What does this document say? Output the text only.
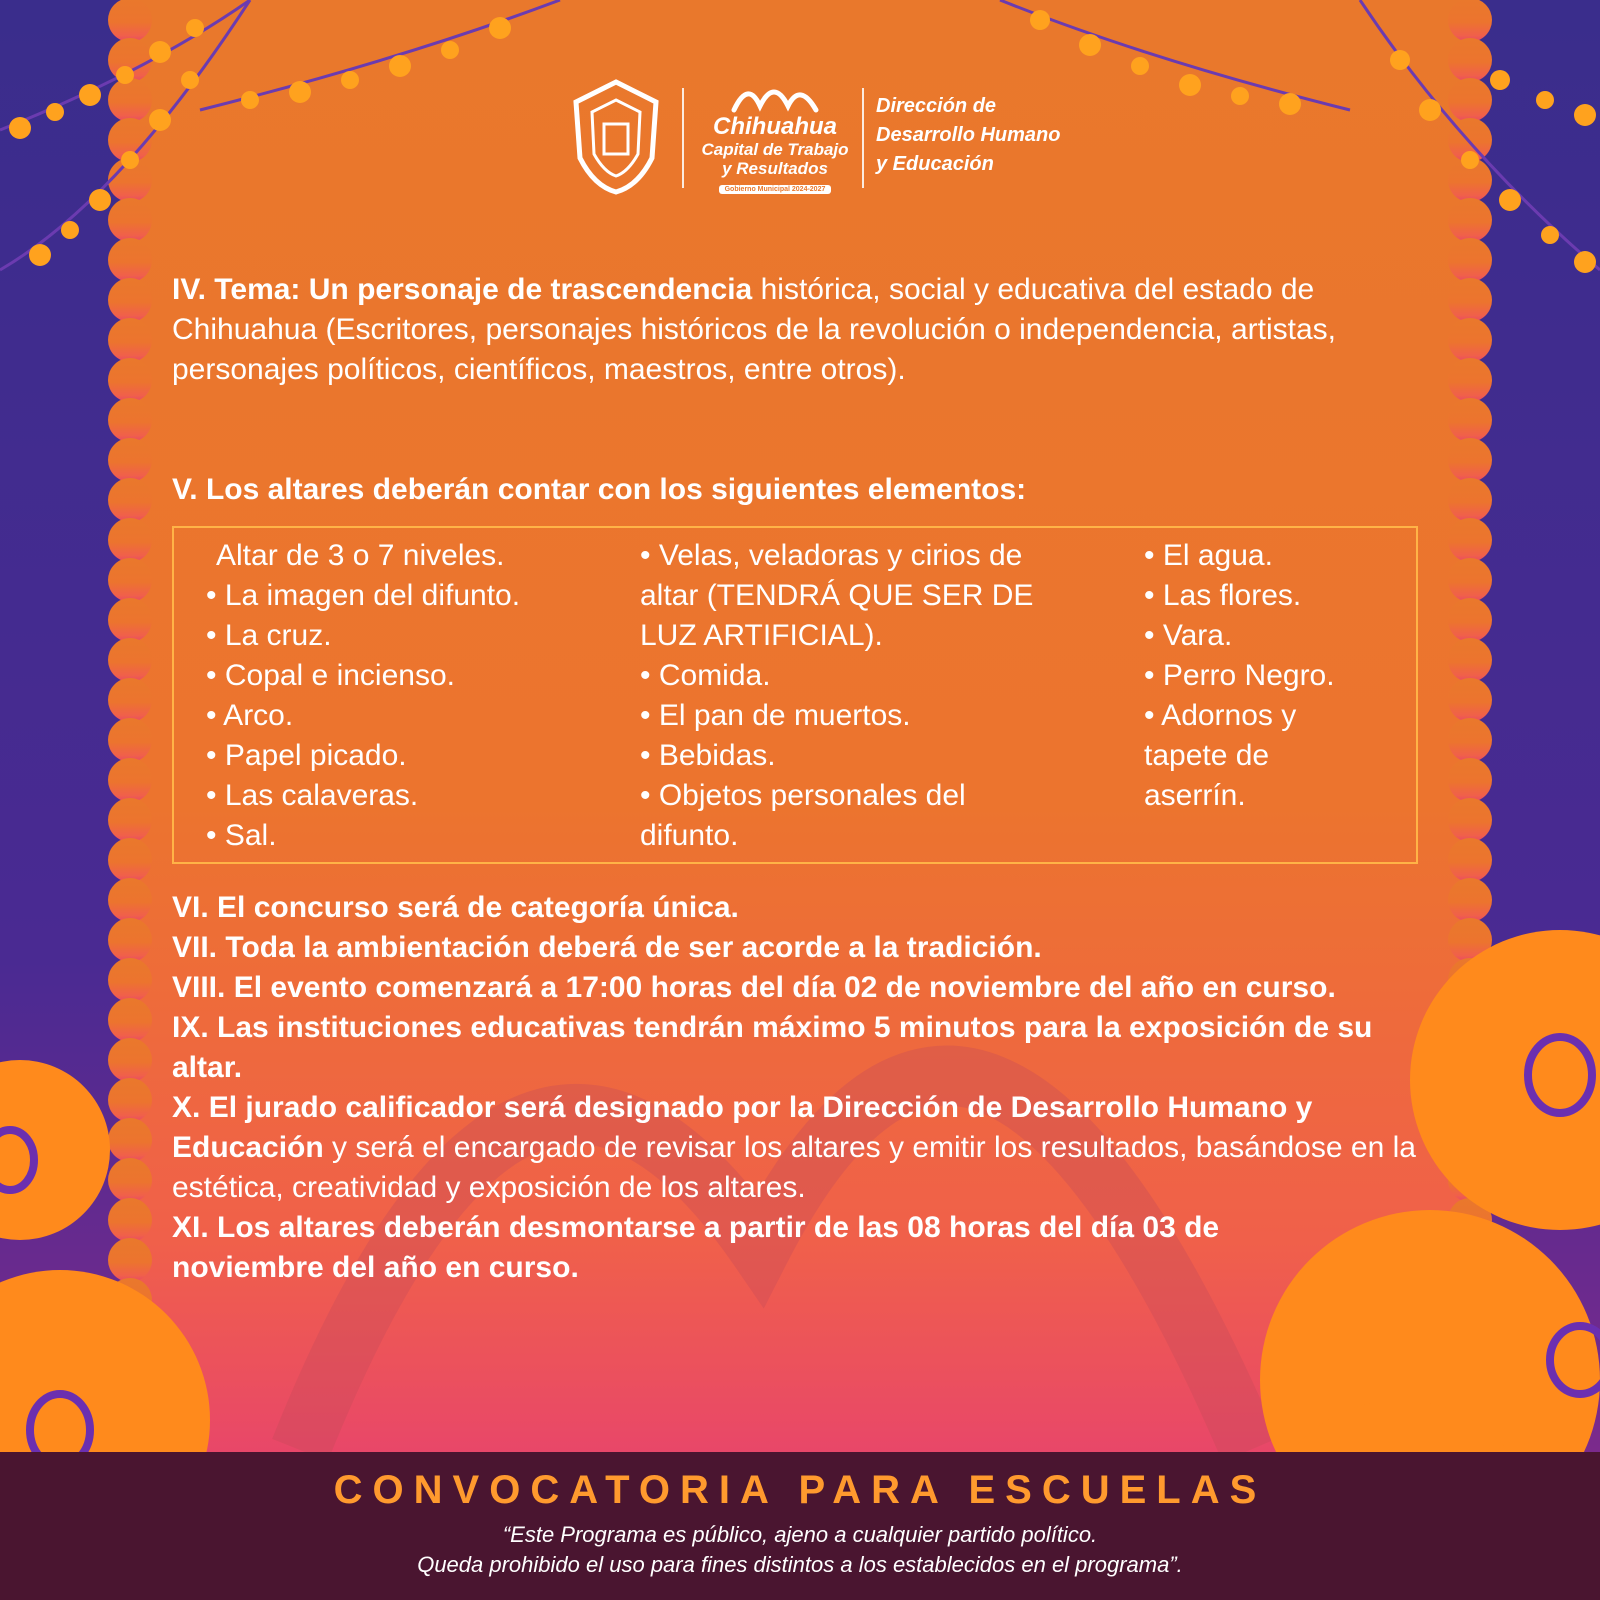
Chihuahua
Capital de Trabajo
y Resultados
Gobierno Municipal 2024-2027
Dirección de
Desarrollo Humano
y Educación

IV. Tema: Un personaje de trascendencia histórica, social y educativa del estado de Chihuahua (Escritores, personajes históricos de la revolución o independencia, artistas, personajes políticos, científicos, maestros, entre otros).

V. Los altares deberán contar con los siguientes elementos:

Altar de 3 o 7 niveles.
• La imagen del difunto.
• La cruz.
• Copal e incienso.
• Arco.
• Papel picado.
• Las calaveras.
• Sal.
• Velas, veladoras y cirios de
altar (TENDRÁ QUE SER DE
LUZ ARTIFICIAL).
• Comida.
• El pan de muertos.
• Bebidas.
• Objetos personales del
difunto.
• El agua.
• Las flores.
• Vara.
• Perro Negro.
• Adornos y
tapete de
aserrín.
VI. El concurso será de categoría única.
VII. Toda la ambientación deberá de ser acorde a la tradición.
VIII. El evento comenzará a 17:00 horas del día 02 de noviembre del año en curso.
IX. Las instituciones educativas tendrán máximo 5 minutos para la exposición de su altar.
X. El jurado calificador será designado por la Dirección de Desarrollo Humano y Educación y será el encargado de revisar los altares y emitir los resultados, basándose en la estética, creatividad y exposición de los altares.
XI. Los altares deberán desmontarse a partir de las 08 horas del día 03 de noviembre del año en curso.
CONVOCATORIA PARA ESCUELAS
“Este Programa es público, ajeno a cualquier partido político.
Queda prohibido el uso para fines distintos a los establecidos en el programa”.
